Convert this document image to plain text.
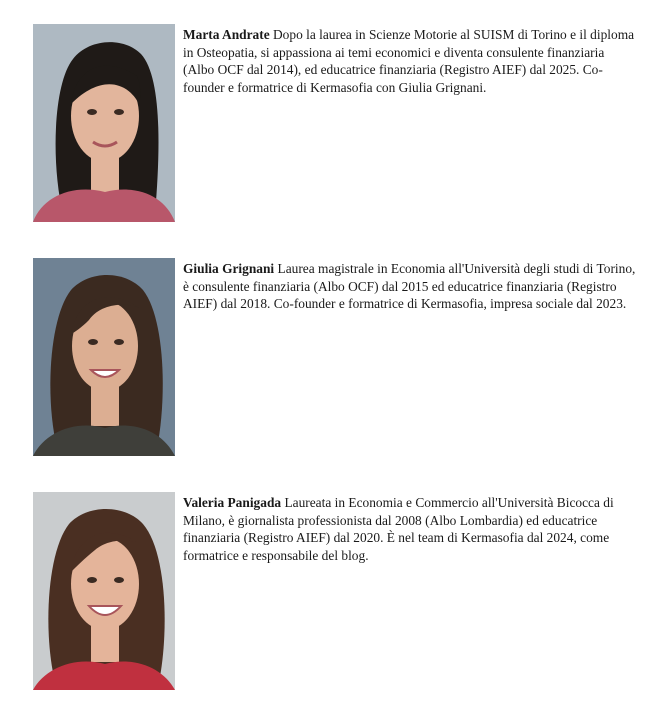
Marta Andrate Dopo la laurea in Scienze Motorie al SUISM di Torino e il diploma in Osteopatia, si appassiona ai temi economici e diventa consulente finanziaria (Albo OCF dal 2014), ed educatrice finanziaria (Registro AIEF) dal 2025. Co-founder e formatrice di Kermasofia con Giulia Grignani.
Giulia Grignani Laurea magistrale in Economia all'Università degli studi di Torino, è consulente finanziaria (Albo OCF) dal 2015 ed educatrice finanziaria (Registro AIEF) dal 2018. Co-founder e formatrice di Kermasofia, impresa sociale dal 2023.
Valeria Panigada Laureata in Economia e Commercio all'Università Bicocca di Milano, è giornalista professionista dal 2008 (Albo Lombardia) ed educatrice finanziaria (Registro AIEF) dal 2020. È nel team di Kermasofia dal 2024, come formatrice e responsabile del blog.
